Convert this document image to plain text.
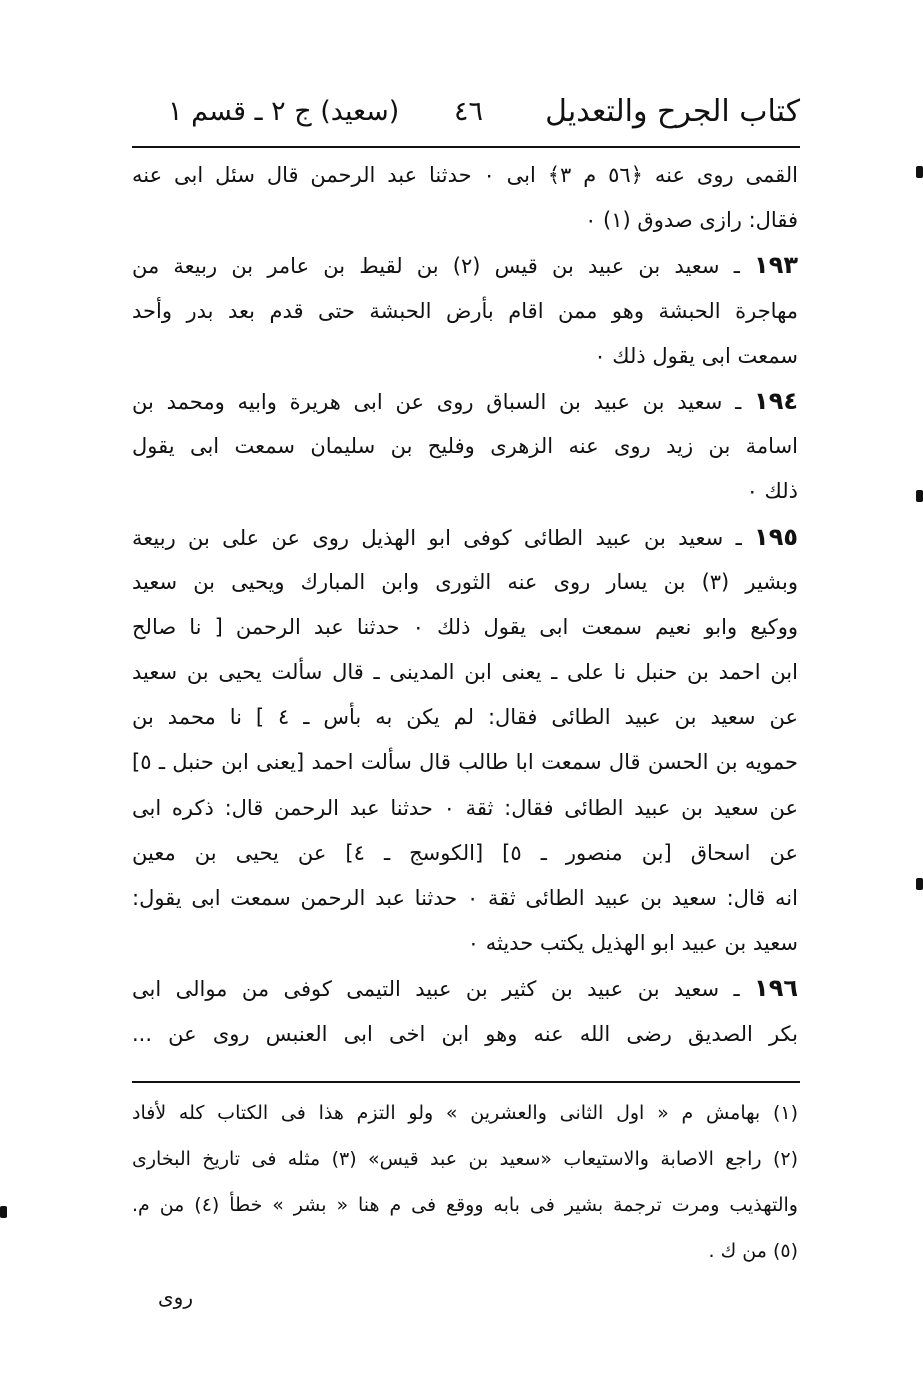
كتاب الجرح والتعديل
٤٦
(سعيد) ج ٢ ـ قسم ١
القمى روى عنه ﴿٥٦ م ٣﴾ ابى ٠ حدثنا عبد الرحمن قال سئل ابى عنه
فقال: رازى صدوق (١) ٠
١٩٣ ـ سعيد بن عبيد بن قيس (٢) بن لقيط بن عامر بن ربيعة من
مهاجرة الحبشة وهو ممن اقام بأرض الحبشة حتى قدم بعد بدر وأحد
سمعت ابى يقول ذلك ٠
١٩٤ ـ سعيد بن عبيد بن السباق روى عن ابى هريرة وابيه ومحمد بن
اسامة بن زيد روى عنه الزهرى وفليح بن سليمان سمعت ابى يقول
ذلك ٠
١٩٥ ـ سعيد بن عبيد الطائى كوفى ابو الهذيل روى عن على بن ربيعة
وبشير (٣) بن يسار روى عنه الثورى وابن المبارك ويحيى بن سعيد
ووكيع وابو نعيم سمعت ابى يقول ذلك ٠ حدثنا عبد الرحمن [ نا صالح
ابن احمد بن حنبل نا على ـ يعنى ابن المدينى ـ قال سألت يحيى بن سعيد
عن سعيد بن عبيد الطائى فقال: لم يكن به بأس ـ ٤ ] نا محمد بن
حمويه بن الحسن قال سمعت ابا طالب قال سألت احمد [يعنى ابن حنبل ـ ٥]
عن سعيد بن عبيد الطائى فقال: ثقة ٠ حدثنا عبد الرحمن قال: ذكره ابى
عن اسحاق [بن منصور ـ ٥] [الكوسج ـ ٤] عن يحيى بن معين
انه قال: سعيد بن عبيد الطائى ثقة ٠ حدثنا عبد الرحمن سمعت ابى يقول:
سعيد بن عبيد ابو الهذيل يكتب حديثه ٠
١٩٦ ـ سعيد بن عبيد بن كثير بن عبيد التيمى كوفى من موالى ابى
بكر الصديق رضى الله عنه وهو ابن اخى ابى العنبس روى عن ...
(١) بهامش م « اول الثانى والعشرين » ولو التزم هذا فى الكتاب كله لأفاد
(٢) راجع الاصابة والاستيعاب «سعيد بن عبد قيس» (٣) مثله فى تاريخ البخارى
والتهذيب ومرت ترجمة بشير فى بابه ووقع فى م هنا « بشر » خطأ (٤) من م.
(٥) من ك .
روى
